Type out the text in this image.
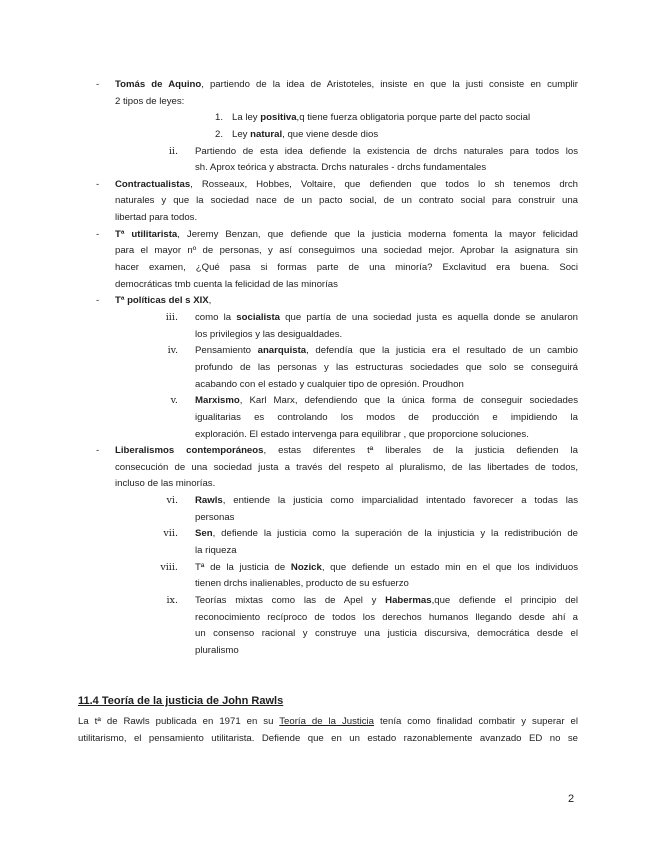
- Tomás de Aquino, partiendo de la idea de Aristoteles, insiste en que la justi consiste en cumplir
2 tipos de leyes:
1. La ley positiva,q tiene fuerza obligatoria porque parte del pacto social
2. Ley natural, que viene desde dios
ii. Partiendo de esta idea defiende la existencia de drchs naturales para todos los
sh. Aprox teórica y abstracta. Drchs naturales - drchs fundamentales
- Contractualistas, Rosseaux, Hobbes, Voltaire, que defienden que todos lo sh tenemos drch
naturales y que la sociedad nace de un pacto social, de un contrato social para construir una
libertad para todos.
- Tª utilitarista, Jeremy Benzan, que defiende que la justicia moderna fomenta la mayor felicidad
para el mayor nº de personas, y así conseguimos una sociedad mejor. Aprobar la asignatura sin
hacer examen, ¿Qué pasa si formas parte de una minoría? Exclavitud era buena. Soci
democráticas tmb cuenta la felicidad de las minorías
- Tª políticas del s XIX,
iii. como la socialista que partía de una sociedad justa es aquella donde se anularon
los privilegios y las desigualdades.
iv. Pensamiento anarquista, defendía que la justicia era el resultado de un cambio
profundo de las personas y las estructuras sociedades que solo se conseguirá
acabando con el estado y cualquier tipo de opresión. Proudhon
v. Marxismo, Karl Marx, defendiendo que la única forma de conseguir sociedades
igualitarias es controlando los modos de producción e impidiendo la
exploración. El estado intervenga para equilibrar , que proporcione soluciones.
- Liberalismos contemporáneos, estas diferentes tª liberales de la justicia defienden la
consecución de una sociedad justa a través del respeto al pluralismo, de las libertades de todos,
incluso de las minorías.
vi. Rawls, entiende la justicia como imparcialidad intentado favorecer a todas las
personas
vii. Sen, defiende la justicia como la superación de la injusticia y la redistribución de
la riqueza
viii. Tª de la justicia de Nozick, que defiende un estado min en el que los individuos
tienen drchs inalienables, producto de su esfuerzo
ix. Teorías mixtas como las de Apel y Habermas,que defiende el principio del
reconocimiento recíproco de todos los derechos humanos llegando desde ahí a
un consenso racional y construye una justicia discursiva, democrática desde el
pluralismo
11.4 Teoría de la justicia de John Rawls
La tª de Rawls publicada en 1971 en su Teoría de la Justicia tenía como finalidad combatir y superar el
utilitarismo, el pensamiento utilitarista. Defiende que en un estado razonablemente avanzado ED no se
2
